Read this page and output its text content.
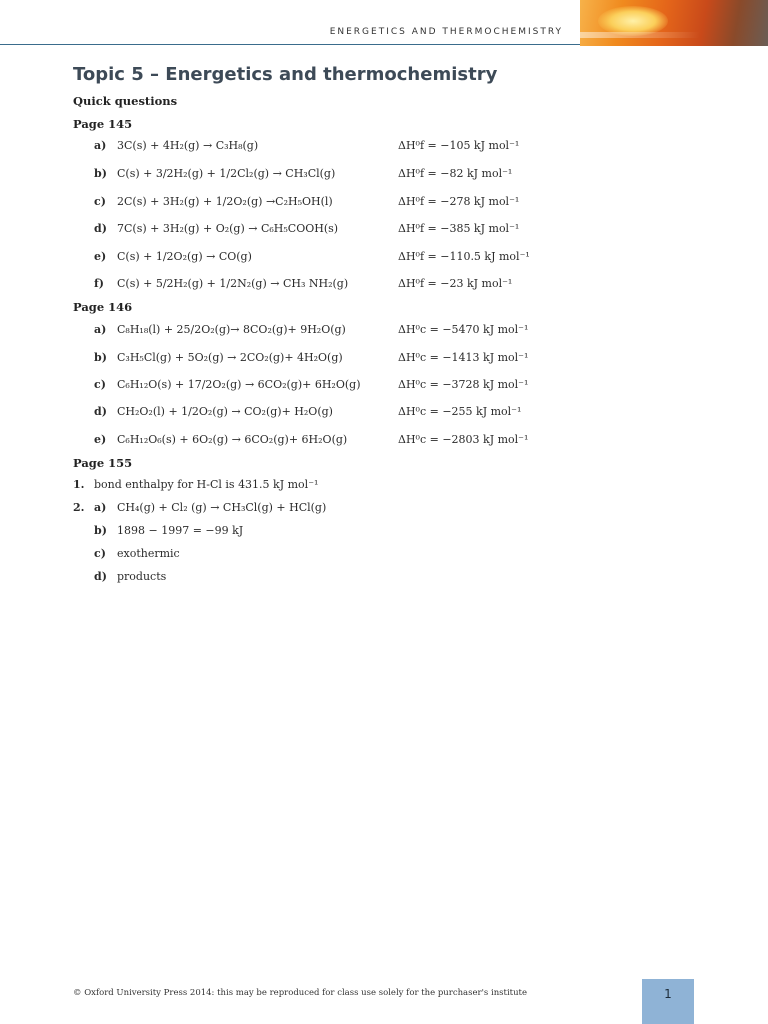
ENERGETICS AND THERMOCHEMISTRY
Topic 5 – Energetics and thermochemistry
Quick questions
Page 145
a) 3C(s) + 4H₂(g) → C₃H₈(g)	ΔH⁰f = −105 kJ mol⁻¹
b) C(s) + 3/2H₂(g) + 1/2Cl₂(g) → CH₃Cl(g)	ΔH⁰f = −82 kJ mol⁻¹
c) 2C(s) + 3H₂(g) + 1/2O₂(g) →C₂H₅OH(l)	ΔH⁰f = −278 kJ mol⁻¹
d) 7C(s) + 3H₂(g) + O₂(g) → C₆H₅COOH(s)	ΔH⁰f = −385 kJ mol⁻¹
e) C(s) + 1/2O₂(g) → CO(g)	ΔH⁰f = −110.5 kJ mol⁻¹
f) C(s) + 5/2H₂(g) + 1/2N₂(g) → CH₃ NH₂(g)	ΔH⁰f = −23 kJ mol⁻¹
Page 146
a) C₈H₁₈(l) + 25/2O₂(g)→ 8CO₂(g)+ 9H₂O(g)	ΔH⁰c = −5470 kJ mol⁻¹
b) C₃H₅Cl(g) + 5O₂(g) → 2CO₂(g)+ 4H₂O(g)	ΔH⁰c = −1413 kJ mol⁻¹
c) C₆H₁₂O(s) + 17/2O₂(g) → 6CO₂(g)+ 6H₂O(g)	ΔH⁰c = −3728 kJ mol⁻¹
d) CH₂O₂(l) + 1/2O₂(g) → CO₂(g)+ H₂O(g)	ΔH⁰c = −255 kJ mol⁻¹
e) C₆H₁₂O₆(s) + 6O₂(g) → 6CO₂(g)+ 6H₂O(g)	ΔH⁰c = −2803 kJ mol⁻¹
Page 155
1. bond enthalpy for H-Cl is 431.5 kJ mol⁻¹
2. a) CH₄(g) + Cl₂ (g) → CH₃Cl(g) + HCl(g)
b) 1898 − 1997 = −99 kJ
c) exothermic
d) products
© Oxford University Press 2014: this may be reproduced for class use solely for the purchaser's institute	1
